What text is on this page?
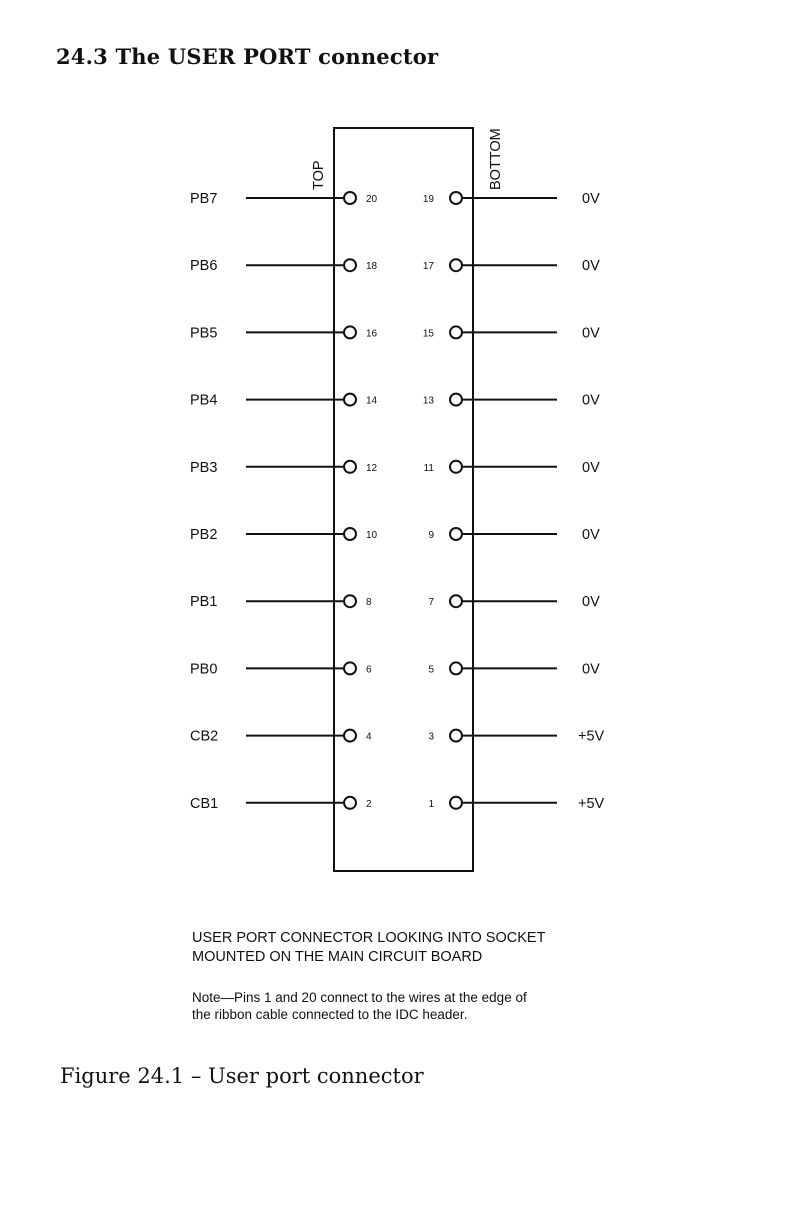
24.3 The USER PORT connector
TOP	BOTTOM
PB7	20	19	0V
PB6	18	17	0V
PB5	16	15	0V
PB4	14	13	0V
PB3	12	11	0V
PB2	10	9	0V
PB1	8	7	0V
PB0	6	5	0V
CB2	4	3	+5V
CB1	2	1	+5V

USER PORT CONNECTOR LOOKING INTO SOCKET
MOUNTED ON THE MAIN CIRCUIT BOARD

Note—Pins 1 and 20 connect to the wires at the edge of
the ribbon cable connected to the IDC header.

Figure 24.1 – User port connector
